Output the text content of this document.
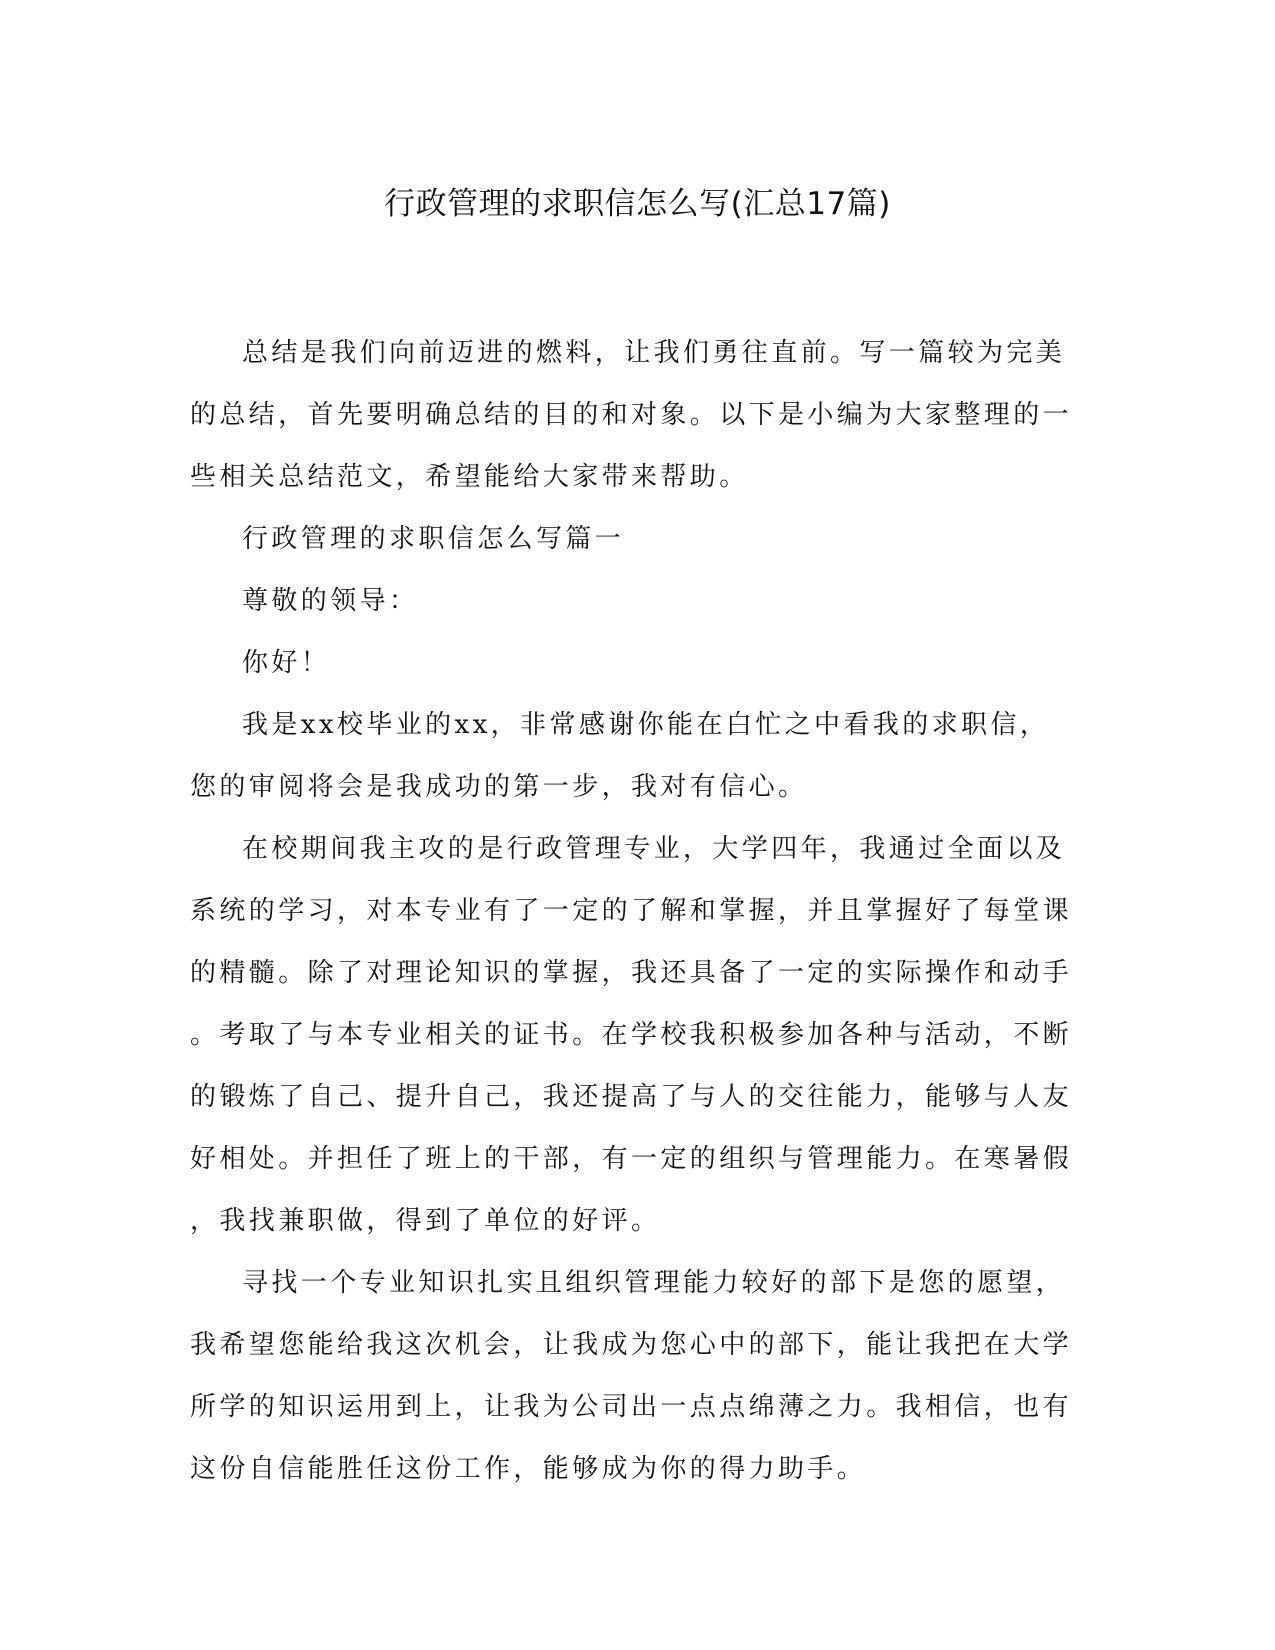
行政管理的求职信怎么写(汇总17篇)

总结是我们向前迈进的燃料，让我们勇往直前。写一篇较为完美
的总结，首先要明确总结的目的和对象。以下是小编为大家整理的一
些相关总结范文，希望能给大家带来帮助。

行政管理的求职信怎么写篇一

尊敬的领导：

你好！

我是xx校毕业的xx，非常感谢你能在白忙之中看我的求职信，
您的审阅将会是我成功的第一步，我对有信心。

在校期间我主攻的是行政管理专业，大学四年，我通过全面以及
系统的学习，对本专业有了一定的了解和掌握，并且掌握好了每堂课
的精髓。除了对理论知识的掌握，我还具备了一定的实际操作和动手
。考取了与本专业相关的证书。在学校我积极参加各种与活动，不断
的锻炼了自己、提升自己，我还提高了与人的交往能力，能够与人友
好相处。并担任了班上的干部，有一定的组织与管理能力。在寒暑假
，我找兼职做，得到了单位的好评。

寻找一个专业知识扎实且组织管理能力较好的部下是您的愿望，
我希望您能给我这次机会，让我成为您心中的部下，能让我把在大学
所学的知识运用到上，让我为公司出一点点绵薄之力。我相信，也有
这份自信能胜任这份工作，能够成为你的得力助手。
